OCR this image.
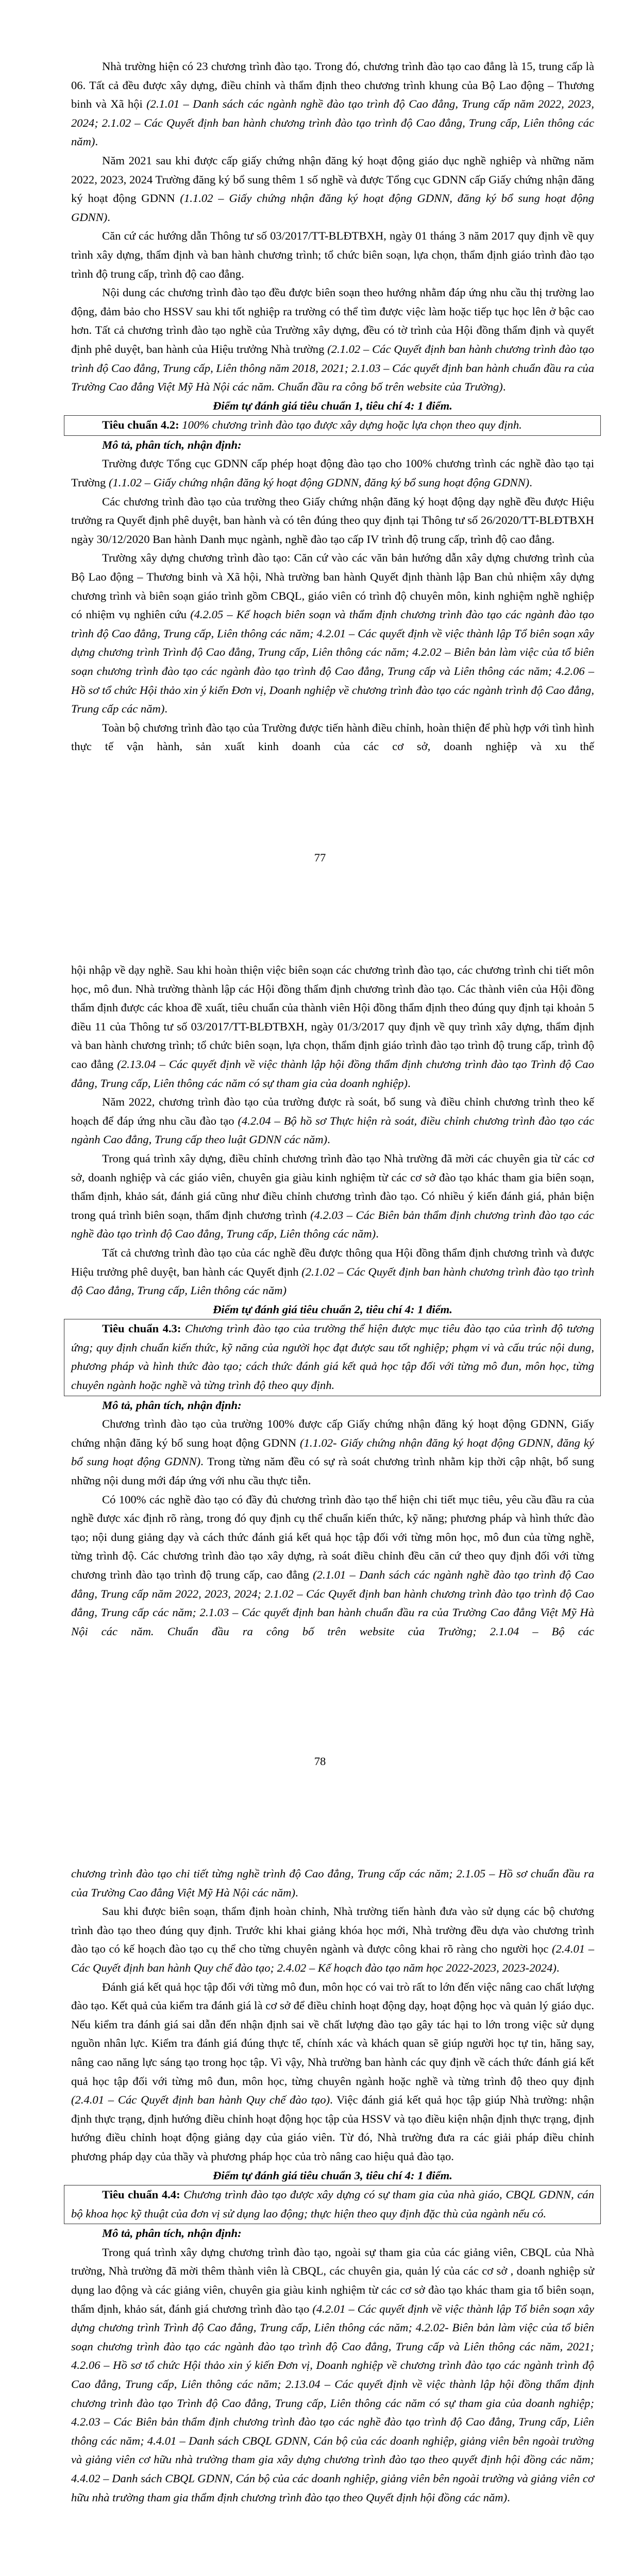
Nhà trường hiện có 23 chương trình đào tạo. Trong đó, chương trình đào tạo cao đẳng là 15, trung cấp là 06. Tất cả đều được xây dựng, điều chỉnh và thẩm định theo chương trình khung của Bộ Lao động – Thương binh và Xã hội (2.1.01 – Danh sách các ngành nghề đào tạo trình độ Cao đẳng, Trung cấp năm 2022, 2023, 2024; 2.1.02 – Các Quyết định ban hành chương trình đào tạo trình độ Cao đẳng, Trung cấp, Liên thông các năm).

Năm 2021 sau khi được cấp giấy chứng nhận đăng ký hoạt động giáo dục nghề nghiêp và những năm 2022, 2023, 2024 Trường đăng ký bổ sung thêm 1 số nghề và được Tổng cục GDNN cấp Giấy chứng nhận đăng ký hoạt động GDNN (1.1.02 – Giấy chứng nhận đăng ký hoạt động GDNN, đăng ký bổ sung hoạt động GDNN).

Căn cứ các hướng dẫn Thông tư số 03/2017/TT-BLĐTBXH, ngày 01 tháng 3 năm 2017 quy định về quy trình xây dựng, thẩm định và ban hành chương trình; tổ chức biên soạn, lựa chọn, thẩm định giáo trình đào tạo trình độ trung cấp, trình độ cao đẳng.

Nội dung các chương trình đào tạo đều được biên soạn theo hướng nhằm đáp ứng nhu cầu thị trường lao động, đảm bảo cho HSSV sau khi tốt nghiệp ra trường có thể tìm được việc làm hoặc tiếp tục học lên ở bậc cao hơn. Tất cả chương trình đào tạo nghề của Trường xây dựng, đều có tờ trình của Hội đồng thẩm định và quyết định phê duyệt, ban hành của Hiệu trưởng Nhà trường (2.1.02 – Các Quyết định ban hành chương trình đào tạo trình độ Cao đẳng, Trung cấp, Liên thông năm 2018, 2021; 2.1.03 – Các quyết định ban hành chuẩn đầu ra của Trường Cao đẳng Việt Mỹ Hà Nội các năm. Chuẩn đầu ra công bố trên website của Trường).

Điểm tự đánh giá tiêu chuẩn 1, tiêu chí 4: 1 điểm.

Tiêu chuẩn 4.2: 100% chương trình đào tạo được xây dựng hoặc lựa chọn theo quy định.

Mô tả, phân tích, nhận định:

Trường được Tổng cục GDNN cấp phép hoạt động đào tạo cho 100% chương trình các nghề đào tạo tại Trường (1.1.02 – Giấy chứng nhận đăng ký hoạt động GDNN, đăng ký bổ sung hoạt động GDNN).

Các chương trình đào tạo của trường theo Giấy chứng nhận đăng ký hoạt động dạy nghề đều được Hiệu trưởng ra Quyết định phê duyệt, ban hành và có tên đúng theo quy định tại Thông tư số 26/2020/TT-BLĐTBXH ngày 30/12/2020 Ban hành Danh mục ngành, nghề đào tạo cấp IV trình độ trung cấp, trình độ cao đẳng.

Trường xây dựng chương trình đào tạo: Căn cứ vào các văn bản hướng dẫn xây dựng chương trình của Bộ Lao động – Thương binh và Xã hội, Nhà trường ban hành Quyết định thành lập Ban chủ nhiệm xây dựng chương trình và biên soạn giáo trình gồm CBQL, giáo viên có trình độ chuyên môn, kinh nghiệm nghề nghiệp có nhiệm vụ nghiên cứu (4.2.05 – Kế hoạch biên soạn và thẩm định chương trình đào tạo các ngành đào tạo trình độ Cao đẳng, Trung cấp, Liên thông các năm; 4.2.01 – Các quyết định về việc thành lập Tổ biên soạn xây dựng chương trình Trình độ Cao đẳng, Trung cấp, Liên thông các năm; 4.2.02 – Biên bản làm việc của tổ biên soạn chương trình đào tạo các ngành đào tạo trình độ Cao đẳng, Trung cấp và Liên thông các năm; 4.2.06 – Hồ sơ tổ chức Hội thảo xin ý kiến Đơn vị, Doanh nghiệp về chương trình đào tạo các ngành trình độ Cao đẳng, Trung cấp các năm).

Toàn bộ chương trình đào tạo của Trường được tiến hành điều chỉnh, hoàn thiện để phù hợp với tình hình thực tế vận hành, sản xuất kinh doanh của các cơ sở, doanh nghiệp và xu thế

77

hội nhập về dạy nghề. Sau khi hoàn thiện việc biên soạn các chương trình đào tạo, các chương trình chi tiết môn học, mô đun. Nhà trường thành lập các Hội đồng thẩm định chương trình đào tạo. Các thành viên của Hội đồng thẩm định được các khoa đề xuất, tiêu chuẩn của thành viên Hội đồng thẩm định theo đúng quy định tại khoản 5 điều 11 của Thông tư số 03/2017/TT-BLĐTBXH, ngày 01/3/2017 quy định về quy trình xây dựng, thẩm định và ban hành chương trình; tổ chức biên soạn, lựa chọn, thẩm định giáo trình đào tạo trình độ trung cấp, trình độ cao đẳng (2.13.04 – Các quyết định về việc thành lập hội đồng thẩm định chương trình đào tạo Trình độ Cao đẳng, Trung cấp, Liên thông các năm có sự tham gia của doanh nghiệp).

Năm 2022, chương trình đào tạo của trường được rà soát, bổ sung và điều chỉnh chương trình theo kế hoạch để đáp ứng nhu cầu đào tạo (4.2.04 – Bộ hồ sơ Thực hiện rà soát, điều chỉnh chương trình đào tạo các ngành Cao đẳng, Trung cấp theo luật GDNN các năm).

Trong quá trình xây dựng, điều chỉnh chương trình đào tạo Nhà trường đã mời các chuyên gia từ các cơ sở, doanh nghiệp và các giáo viên, chuyên gia giàu kinh nghiệm từ các cơ sở đào tạo khác tham gia biên soạn, thẩm định, khảo sát, đánh giá cũng như điều chỉnh chương trình đào tạo. Có nhiều ý kiến đánh giá, phản biện trong quá trình biên soạn, thẩm định chương trình (4.2.03 – Các Biên bản thẩm định chương trình đào tạo các nghề đào tạo trình độ Cao đẳng, Trung cấp, Liên thông các năm).

Tất cả chương trình đào tạo của các nghề đều được thông qua Hội đồng thẩm định chương trình và được Hiệu trưởng phê duyệt, ban hành các Quyết định (2.1.02 – Các Quyết định ban hành chương trình đào tạo trình độ Cao đẳng, Trung cấp, Liên thông các năm)

Điểm tự đánh giá tiêu chuẩn 2, tiêu chí 4: 1 điểm.

Tiêu chuẩn 4.3: Chương trình đào tạo của trường thể hiện được mục tiêu đào tạo của trình độ tương ứng; quy định chuẩn kiến thức, kỹ năng của người học đạt được sau tốt nghiệp; phạm vi và cấu trúc nội dung, phương pháp và hình thức đào tạo; cách thức đánh giá kết quả học tập đối với từng mô đun, môn học, từng chuyên ngành hoặc nghề và từng trình độ theo quy định.

Mô tả, phân tích, nhận định:

Chương trình đào tạo của trường 100% được cấp Giấy chứng nhận đăng ký hoạt động GDNN, Giấy chứng nhận đăng ký bổ sung hoạt động GDNN (1.1.02- Giấy chứng nhận đăng ký hoạt động GDNN, đăng ký bổ sung hoạt động GDNN). Trong từng năm đều có sự rà soát chương trình nhằm kịp thời cập nhật, bổ sung những nội dung mới đáp ứng với nhu cầu thực tiễn.

Có 100% các nghề đào tạo có đầy đủ chương trình đào tạo thể hiện chi tiết mục tiêu, yêu cầu đầu ra của nghề được xác định rõ ràng, trong đó quy định cụ thể chuẩn kiến thức, kỹ năng; phương pháp và hình thức đào tạo; nội dung giảng dạy và cách thức đánh giá kết quả học tập đối với từng môn học, mô đun của từng nghề, từng trình độ. Các chương trình đào tạo xây dựng, rà soát điều chỉnh đều căn cứ theo quy định đối với từng chương trình đào tạo trình độ trung cấp, cao đẳng (2.1.01 – Danh sách các ngành nghề đào tạo trình độ Cao đẳng, Trung cấp năm 2022, 2023, 2024; 2.1.02 – Các Quyết định ban hành chương trình đào tạo trình độ Cao đẳng, Trung cấp các năm; 2.1.03 – Các quyết định ban hành chuẩn đầu ra của Trường Cao đẳng Việt Mỹ Hà Nội các năm. Chuẩn đầu ra công bố trên website của Trường; 2.1.04 – Bộ các

78

chương trình đào tạo chi tiết từng nghề trình độ Cao đẳng, Trung cấp các năm; 2.1.05 – Hồ sơ chuẩn đầu ra của Trường Cao đẳng Việt Mỹ Hà Nội các năm).

Sau khi được biên soạn, thẩm định hoàn chỉnh, Nhà trường tiến hành đưa vào sử dụng các bộ chương trình đào tạo theo đúng quy định. Trước khi khai giảng khóa học mới, Nhà trường đều dựa vào chương trình đào tạo có kế hoạch đào tạo cụ thể cho từng chuyên ngành và được công khai rõ ràng cho người học (2.4.01 – Các Quyết định ban hành Quy chế đào tạo; 2.4.02 – Kế hoạch đào tạo năm học 2022-2023, 2023-2024).

Đánh giá kết quả học tập đối với từng mô đun, môn học có vai trò rất to lớn đến việc nâng cao chất lượng đào tạo. Kết quả của kiểm tra đánh giá là cơ sở để điều chỉnh hoạt động dạy, hoạt động học và quản lý giáo dục. Nếu kiểm tra đánh giá sai dẫn đến nhận định sai về chất lượng đào tạo gây tác hại to lớn trong việc sử dụng nguồn nhân lực. Kiểm tra đánh giá đúng thực tế, chính xác và khách quan sẽ giúp người học tự tin, hăng say, nâng cao năng lực sáng tạo trong học tập. Vì vậy, Nhà trường ban hành các quy định về cách thức đánh giá kết quả học tập đối với từng mô đun, môn học, từng chuyên ngành hoặc nghề và từng trình độ theo quy định (2.4.01 – Các Quyết định ban hành Quy chế đào tạo). Việc đánh giá kết quả học tập giúp Nhà trường: nhận định thực trạng, định hướng điều chỉnh hoạt động học tập của HSSV và tạo điều kiện nhận định thực trạng, định hướng điều chỉnh hoạt động giảng dạy của giáo viên. Từ đó, Nhà trường đưa ra các giải pháp điều chỉnh phương pháp dạy của thầy và phương pháp học của trò nâng cao hiệu quả đào tạo.

Điểm tự đánh giá tiêu chuẩn 3, tiêu chí 4: 1 điểm.

Tiêu chuẩn 4.4: Chương trình đào tạo được xây dựng có sự tham gia của nhà giáo, CBQL GDNN, cán bộ khoa học kỹ thuật của đơn vị sử dụng lao động; thực hiện theo quy định đặc thù của ngành nếu có.

Mô tả, phân tích, nhận định:

Trong quá trình xây dựng chương trình đào tạo, ngoài sự tham gia của các giảng viên, CBQL của Nhà trường, Nhà trường đã mời thêm thành viên là CBQL, các chuyên gia, quản lý của các cơ sở , doanh nghiệp sử dụng lao động và các giảng viên, chuyên gia giàu kinh nghiệm từ các cơ sở đào tạo khác tham gia tổ biên soạn, thẩm định, khảo sát, đánh giá chương trình đào tạo (4.2.01 – Các quyết định về việc thành lập Tổ biên soạn xây dựng chương trình Trình độ Cao đẳng, Trung cấp, Liên thông các năm; 4.2.02- Biên bản làm việc của tổ biên soạn chương trình đào tạo các ngành đào tạo trình độ Cao đẳng, Trung cấp và Liên thông các năm, 2021; 4.2.06 – Hồ sơ tổ chức Hội thảo xin ý kiến Đơn vị, Doanh nghiệp về chương trình đào tạo các ngành trình độ Cao đẳng, Trung cấp, Liên thông các năm; 2.13.04 – Các quyết định về việc thành lập hội đồng thẩm định chương trình đào tạo Trình độ Cao đẳng, Trung cấp, Liên thông các năm có sự tham gia của doanh nghiệp; 4.2.03 – Các Biên bản thẩm định chương trình đào tạo các nghề đào tạo trình độ Cao đẳng, Trung cấp, Liên thông các năm; 4.4.01 – Danh sách CBQL GDNN, Cán bộ của các doanh nghiệp, giảng viên bên ngoài trường và giảng viên cơ hữu nhà trường tham gia xây dựng chương trình đào tạo theo quyết định hội đồng các năm; 4.4.02 – Danh sách CBQL GDNN, Cán bộ của các doanh nghiệp, giảng viên bên ngoài trường và giảng viên cơ hữu nhà trường tham gia thẩm định chương trình đào tạo theo Quyết định hội đồng các năm).
